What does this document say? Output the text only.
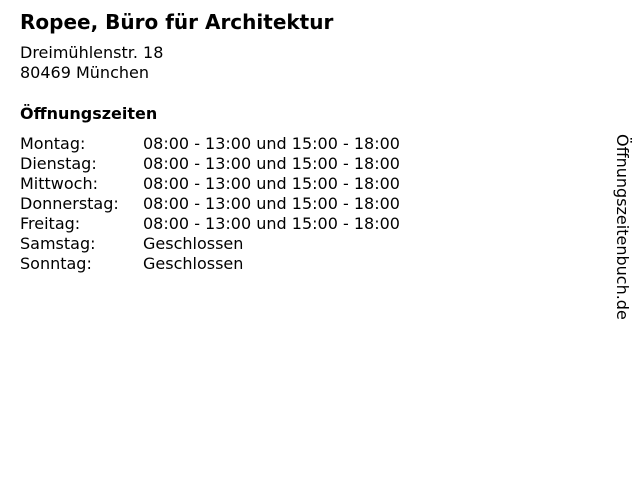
Ropee, Büro für Architektur
Dreimühlenstr. 18
80469 München
Öffnungszeiten
Montag:	08:00 - 13:00 und 15:00 - 18:00
Dienstag:	08:00 - 13:00 und 15:00 - 18:00
Mittwoch:	08:00 - 13:00 und 15:00 - 18:00
Donnerstag:	08:00 - 13:00 und 15:00 - 18:00
Freitag:	08:00 - 13:00 und 15:00 - 18:00
Samstag:	Geschlossen
Sonntag:	Geschlossen	Öffnungszeitenbuch.de
